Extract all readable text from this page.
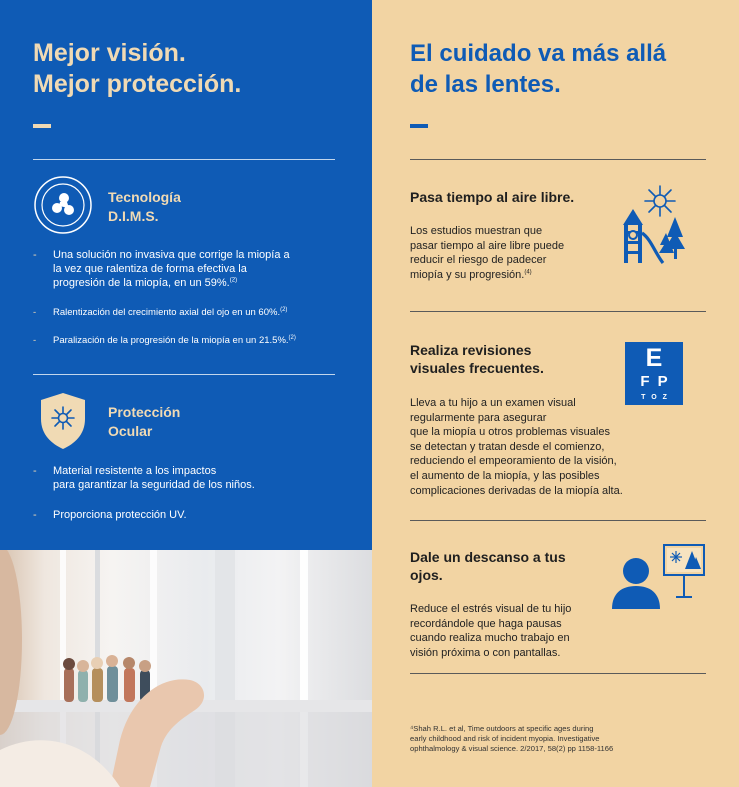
Mejor visión.
Mejor protección.
Tecnología
D.I.M.S.
- Una solución no invasiva que corrige la miopía a
la vez que ralentiza de forma efectiva la
progresión de la miopía, en un 59%.$^{(2)}$
- Ralentización del crecimiento axial del ojo en un 60%.$^{(2)}$
- Paralización de la progresión de la miopía en un 21.5%.$^{(2)}$
Protección
Ocular
- Material resistente a los impactos
para garantizar la seguridad de los niños.
- Proporciona protección UV.
El cuidado va más allá
de las lentes.
Pasa tiempo al aire libre.
Los estudios muestran que
pasar tiempo al aire libre puede
reducir el riesgo de padecer
miopía y su progresión.$^{(4)}$
Realiza revisiones
visuales frecuentes.	E
FP
TOZ
Lleva a tu hijo a un examen visual
regularmente para asegurar
que la miopía u otros problemas visuales
se detectan y tratan desde el comienzo,
reduciendo el empeoramiento de la visión,
el aumento de la miopía, y las posibles
complicaciones derivadas de la miopía alta.
Dale un descanso a tus
ojos.
Reduce el estrés visual de tu hijo
recordándole que haga pausas
cuando realiza mucho trabajo en
visión próxima o con pantallas.
⁴Shah R.L. et al, Time outdoors at specific ages during
early childhood and risk of incident myopia. Investigative
ophthalmology & visual science. 2/2017, 58(2) pp 1158-1166
